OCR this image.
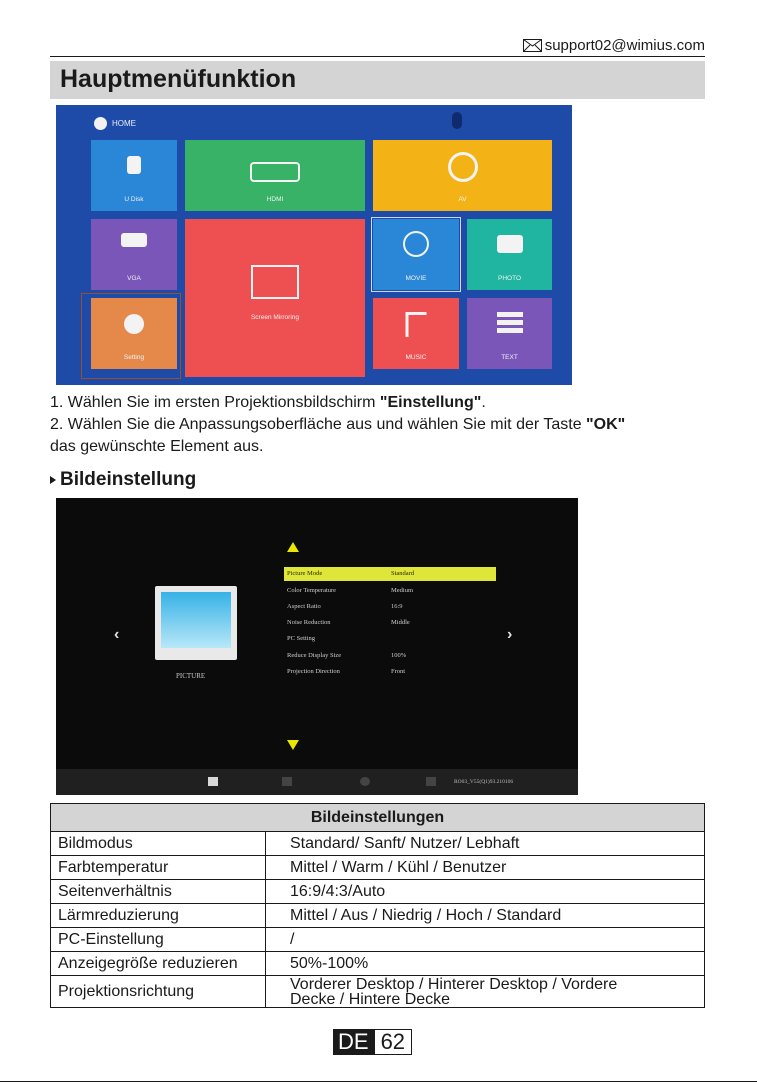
support02@wimius.com
Hauptmenüfunktion
HOME
U Disk	HDMI	AV
VGA
Screen Mirroring
MOVIE	PHOTO
Setting	MUSIC	TEXT
1. Wählen Sie im ersten Projektionsbildschirm "Einstellung".
2. Wählen Sie die Anpassungsoberfläche aus und wählen Sie mit der Taste "OK"
das gewünschte Element aus.
Bildeinstellung
PICTURE
‹	›
Picture Mode	Standard
Color Temperature	Medium
Aspect Ratio	16:9
Noise Reduction	Middle
PC Setting
Reduce Display Size	100%
Projection Direction	Front
RO03_V55(Q1)93.210106
Bildeinstellungen	
Bildmodus	Standard/ Sanft/ Nutzer/ Lebhaft
Farbtemperatur	Mittel / Warm / Kühl / Benutzer
Seitenverhältnis	16:9/4:3/Auto
Lärmreduzierung	Mittel / Aus / Niedrig / Hoch / Standard
PC-Einstellung	/
Anzeigegröße reduzieren	50%-100%
Projektionsrichtung	Vorderer Desktop / Hinterer Desktop / Vordere
Decke / Hintere Decke
DE 62
